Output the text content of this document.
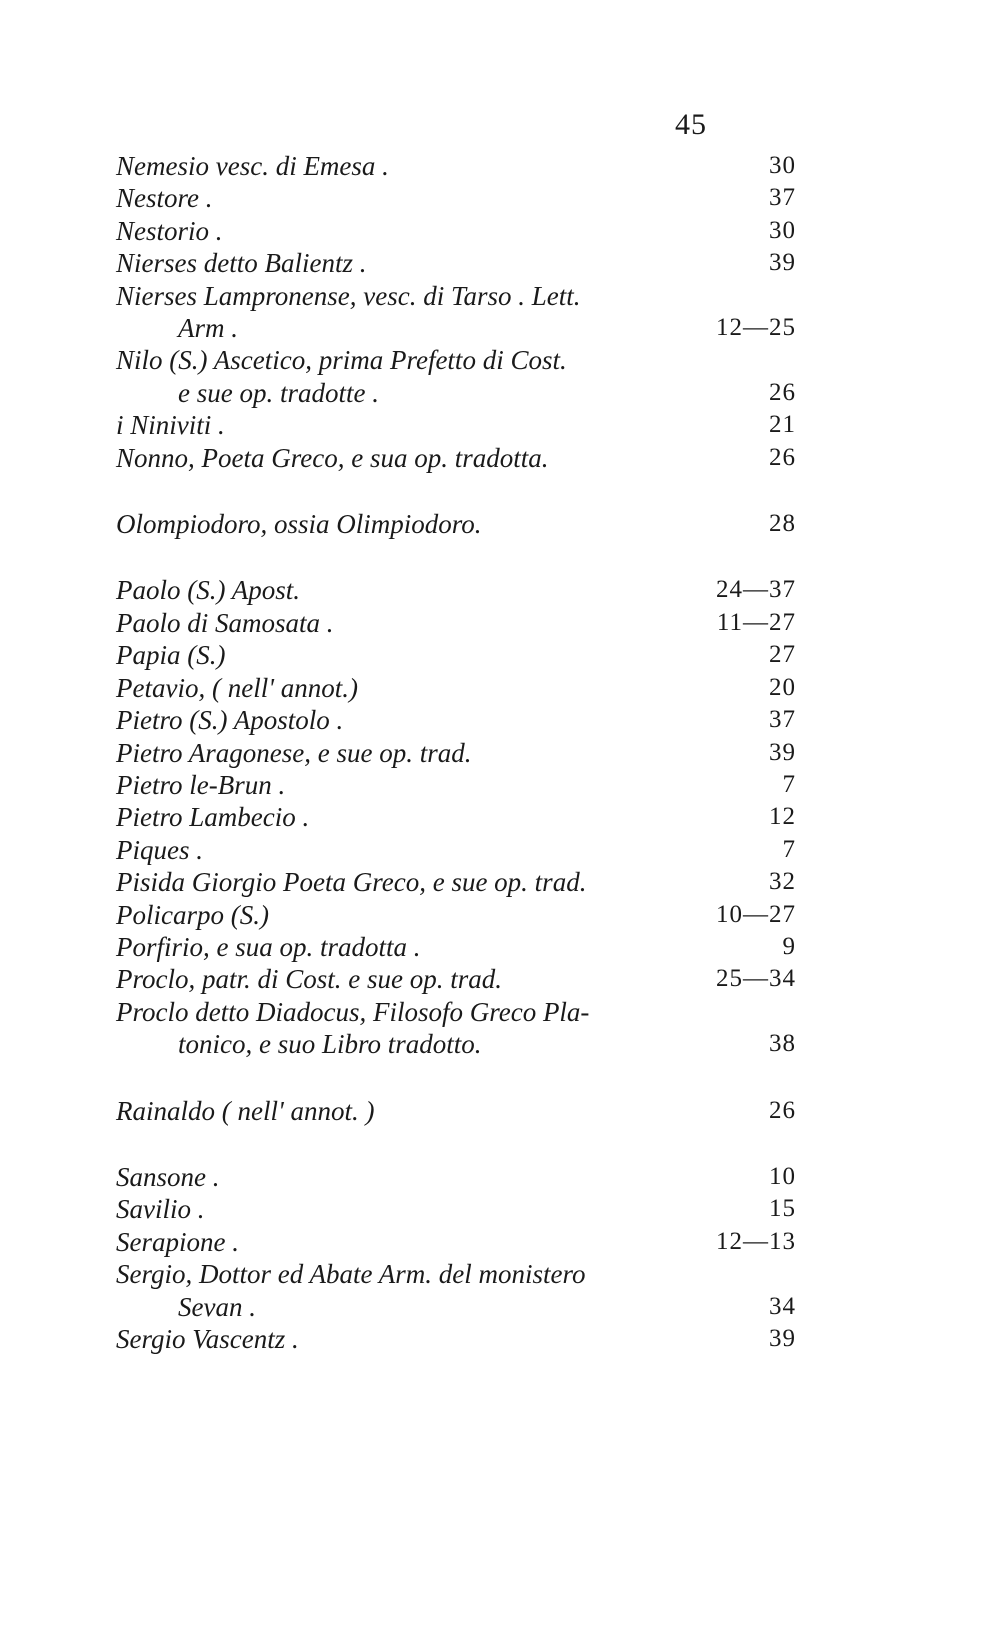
45
Nemesio vesc. di Emesa .	30
Nestore .	37
Nestorio .	30
Nierses detto Balientz .	39
Nierses Lampronense, vesc. di Tarso . Lett.
Arm .	12—25
Nilo (S.) Ascetico, prima Prefetto di Cost.
e sue op. tradotte .	26
i Niniviti .	21
Nonno, Poeta Greco, e sua op. tradotta.	26
Olompiodoro, ossia Olimpiodoro.	28
Paolo (S.) Apost.	24—37
Paolo di Samosata .	11—27
Papia (S.)	27
Petavio, ( nell' annot.)	20
Pietro (S.) Apostolo .	37
Pietro Aragonese, e sue op. trad.	39
Pietro le-Brun .	7
Pietro Lambecio .	12
Piques .	7
Pisida Giorgio Poeta Greco, e sue op. trad.	32
Policarpo (S.)	10—27
Porfirio, e sua op. tradotta .	9
Proclo, patr. di Cost. e sue op. trad.	25—34
Proclo detto Diadocus, Filosofo Greco Pla-
tonico, e suo Libro tradotto.	38
Rainaldo ( nell' annot. )	26
Sansone .	10
Savilio .	15
Serapione .	12—13
Sergio, Dottor ed Abate Arm. del monistero
Sevan .	34
Sergio Vascentz .	39
